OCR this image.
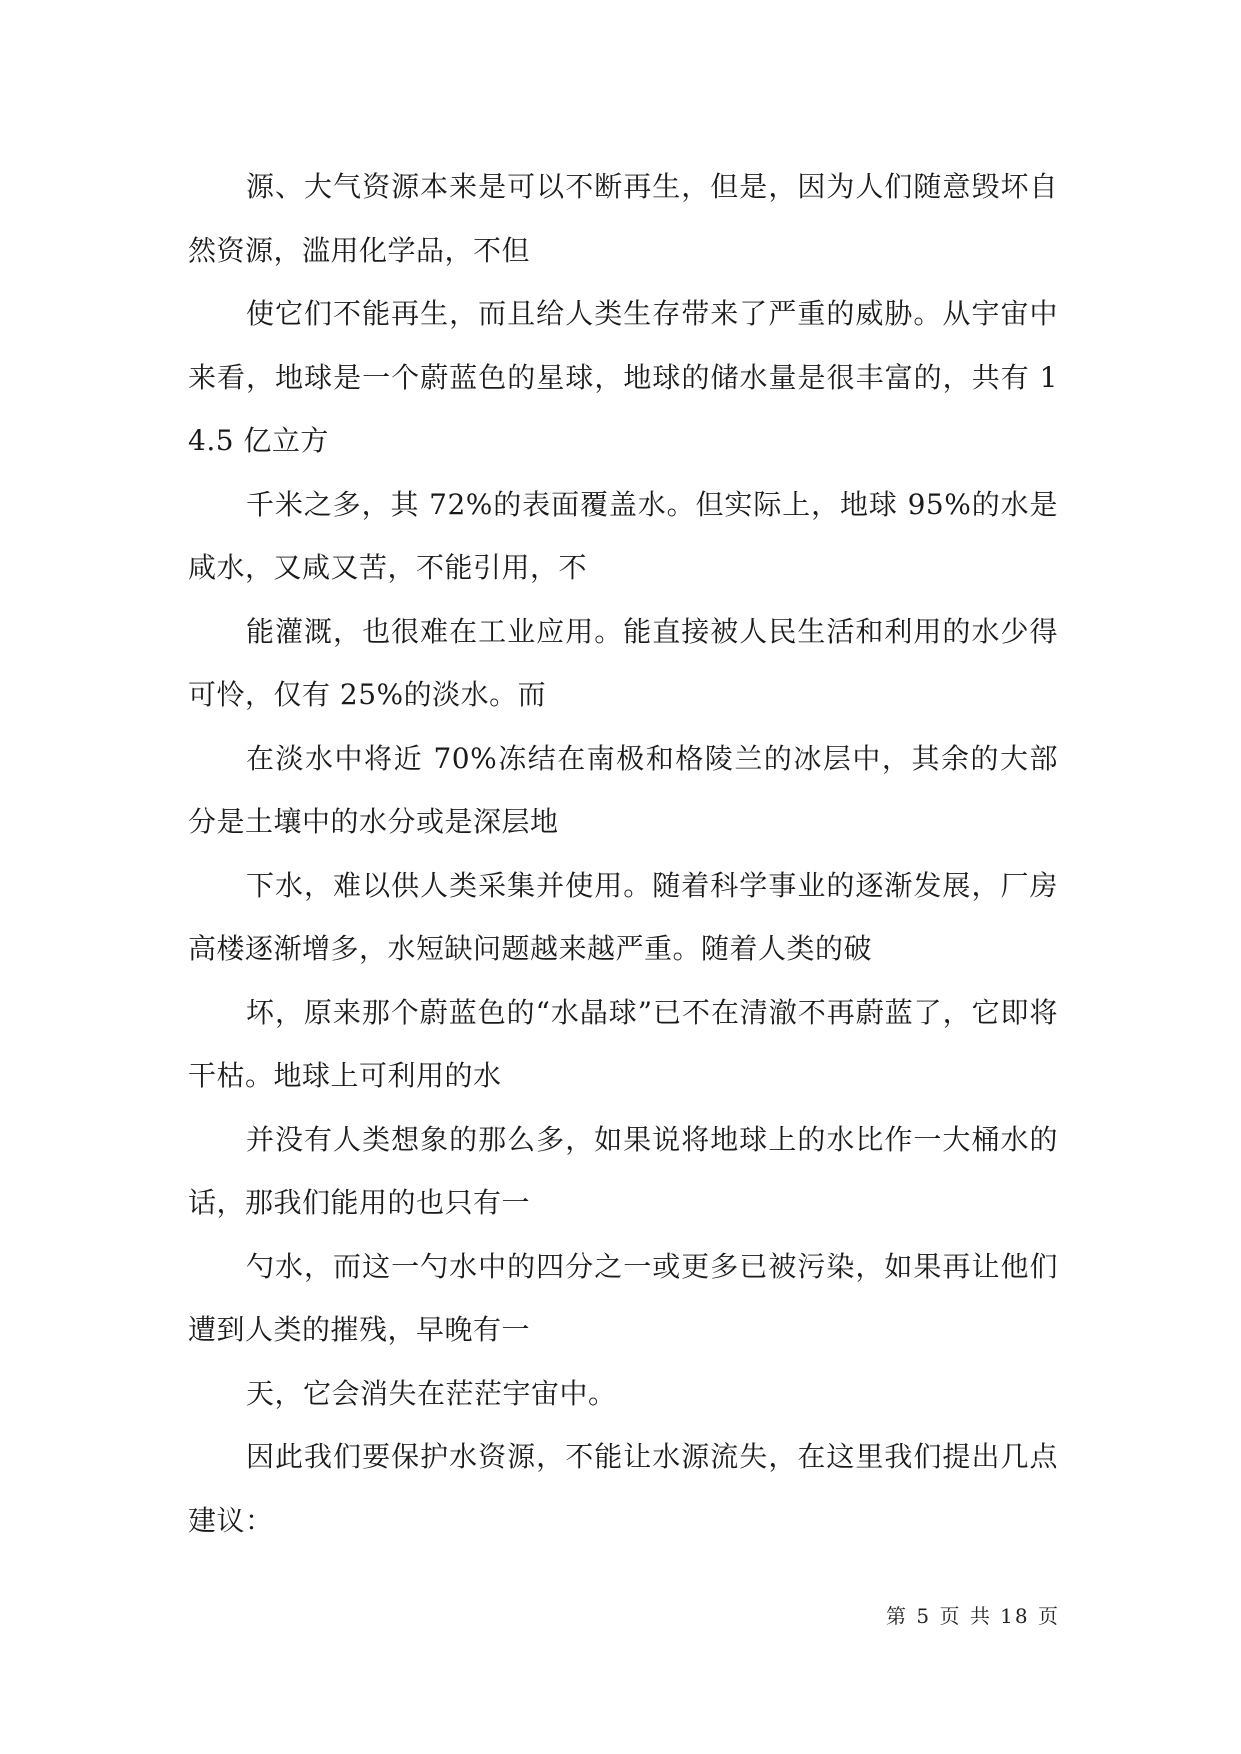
源、大气资源本来是可以不断再生，但是，因为人们随意毁坏自然资源，滥用化学品，不但

使它们不能再生，而且给人类生存带来了严重的威胁。从宇宙中来看，地球是一个蔚蓝色的星球，地球的储水量是很丰富的，共有 14.5 亿立方

千米之多，其 72%的表面覆盖水。但实际上，地球 95%的水是咸水，又咸又苦，不能引用，不

能灌溉，也很难在工业应用。能直接被人民生活和利用的水少得可怜，仅有 25%的淡水。而

在淡水中将近 70%冻结在南极和格陵兰的冰层中，其余的大部分是土壤中的水分或是深层地

下水，难以供人类采集并使用。随着科学事业的逐渐发展，厂房高楼逐渐增多，水短缺问题越来越严重。随着人类的破

坏，原来那个蔚蓝色的“水晶球”已不在清澈不再蔚蓝了，它即将干枯。地球上可利用的水

并没有人类想象的那么多，如果说将地球上的水比作一大桶水的话，那我们能用的也只有一

勺水，而这一勺水中的四分之一或更多已被污染，如果再让他们遭到人类的摧残，早晚有一

天，它会消失在茫茫宇宙中。

因此我们要保护水资源，不能让水源流失，在这里我们提出几点建议：

第 5 页 共 18 页
